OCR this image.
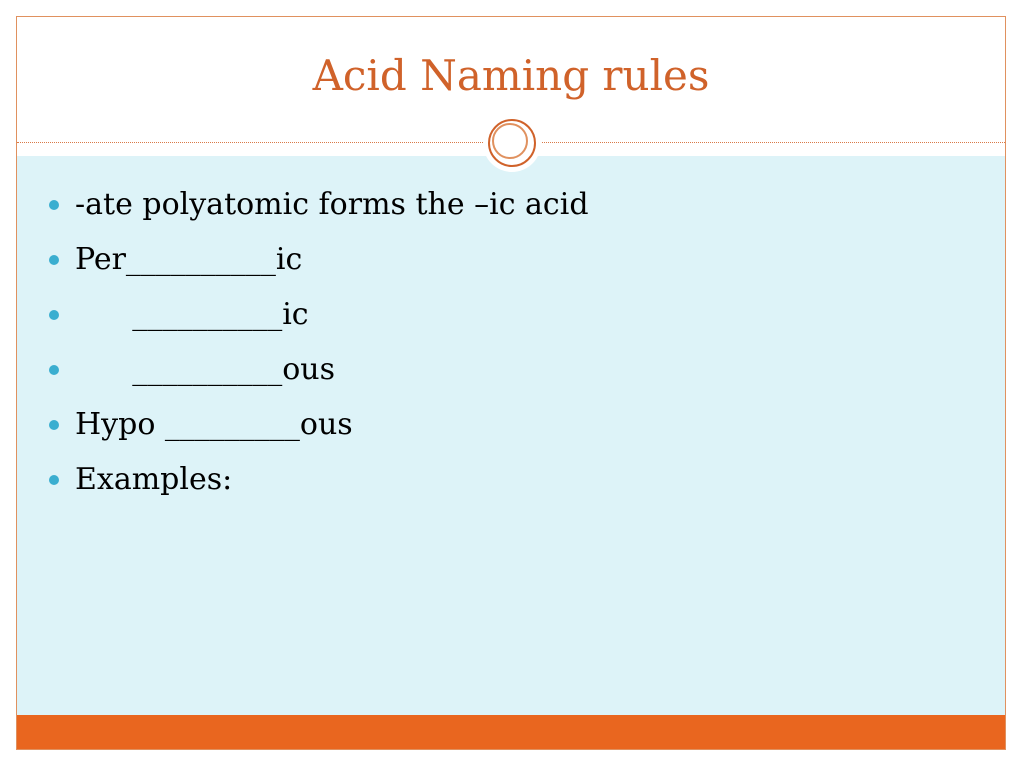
Acid Naming rules

-ate polyatomic forms the –ic acid

Per__________ic

__________ic

__________ous

Hypo _________ous

Examples:
